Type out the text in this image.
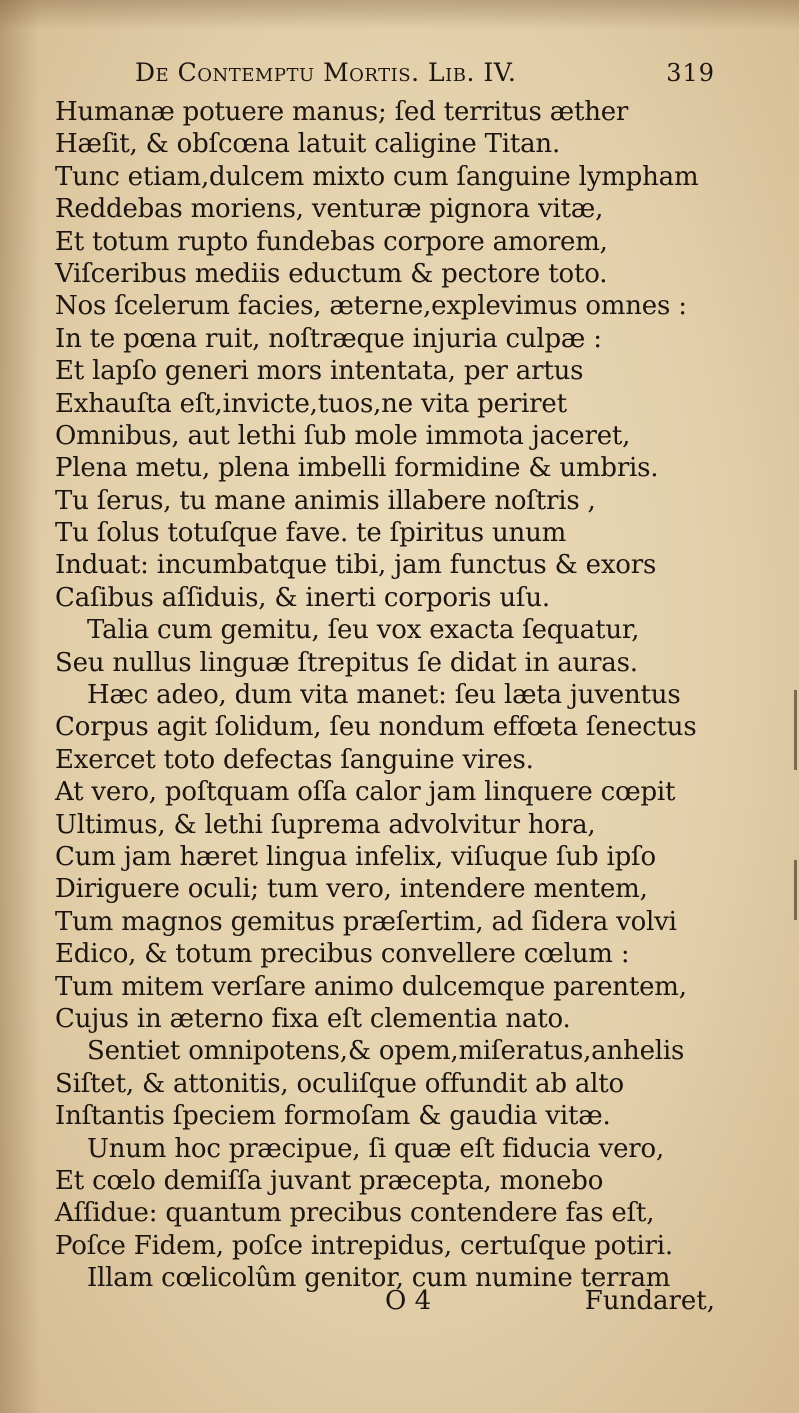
De Contemptu Mortis. Lib. IV.	319
Humanæ potuere manus; ſed territus æther
Hæſit, & obſcœna latuit caligine Titan.
Tunc etiam,dulcem mixto cum ſanguine lympham
Reddebas moriens, venturæ pignora vitæ,
Et totum rupto fundebas corpore amorem,
Viſceribus mediis eductum & pectore toto.
Nos ſcelerum facies, æterne,explevimus omnes :
In te pœna ruit, noſtræque injuria culpæ :
Et lapſo generi mors intentata, per artus
Exhauſta eſt,invicte,tuos,ne vita periret
Omnibus, aut lethi ſub mole immota jaceret,
Plena metu, plena imbelli formidine & umbris.
Tu ſerus, tu mane animis illabere noſtris ,
Tu ſolus totuſque fave. te ſpiritus unum
Induat: incumbatque tibi, jam functus & exors
Caſibus aſſiduis, & inerti corporis uſu.
Talia cum gemitu, ſeu vox exacta ſequatur,
Seu nullus linguæ ſtrepitus ſe didat in auras.
Hæc adeo, dum vita manet: ſeu læta juventus
Corpus agit ſolidum, ſeu nondum effœta ſenectus
Exercet toto defectas ſanguine vires.
At vero, poſtquam oſſa calor jam linquere cœpit
Ultimus, & lethi ſuprema advolvitur hora,
Cum jam hæret lingua infelix, viſuque ſub ipſo
Diriguere oculi; tum vero, intendere mentem,
Tum magnos gemitus præſertim, ad ſidera volvi
Edico, & totum precibus convellere cœlum :
Tum mitem verſare animo dulcemque parentem,
Cujus in æterno fixa eſt clementia nato.
Sentiet omnipotens,& opem,miſeratus,anhelis
Siſtet, & attonitis, oculiſque offundit ab alto
Inſtantis ſpeciem formoſam & gaudia vitæ.
Unum hoc præcipue, ſi quæ eſt fiducia vero,
Et cœlo demiſſa juvant præcepta, monebo
Aſſidue: quantum precibus contendere fas eſt,
Poſce Fidem, poſce intrepidus, certuſque potiri.
Illam cœlicolûm genitor, cum numine terram
O 4	Fundaret,
